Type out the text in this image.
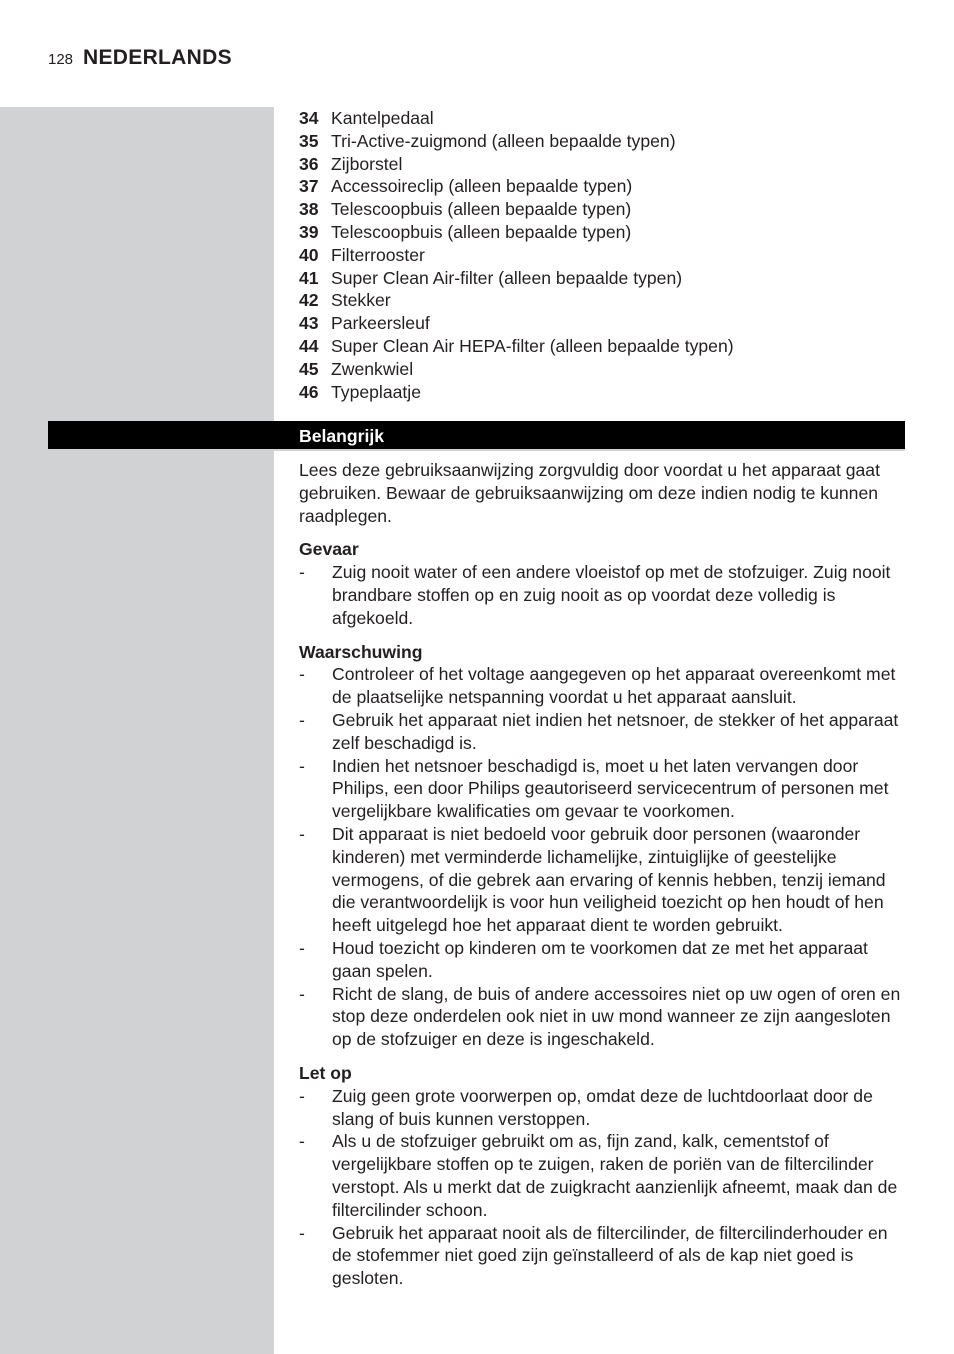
128 NEDERLANDS
34 Kantelpedaal
35 Tri-Active-zuigmond (alleen bepaalde typen)
36 Zijborstel
37 Accessoireclip (alleen bepaalde typen)
38 Telescoopbuis (alleen bepaalde typen)
39 Telescoopbuis (alleen bepaalde typen)
40 Filterrooster
41 Super Clean Air-filter (alleen bepaalde typen)
42 Stekker
43 Parkeersleuf
44 Super Clean Air HEPA-filter (alleen bepaalde typen)
45 Zwenkwiel
46 Typeplaatje
Belangrijk

Lees deze gebruiksaanwijzing zorgvuldig door voordat u het apparaat gaat gebruiken. Bewaar de gebruiksaanwijzing om deze indien nodig te kunnen raadplegen.

Gevaar
- Zuig nooit water of een andere vloeistof op met de stofzuiger. Zuig nooit brandbare stoffen op en zuig nooit as op voordat deze volledig is afgekoeld.
Waarschuwing
- Controleer of het voltage aangegeven op het apparaat overeenkomt met de plaatselijke netspanning voordat u het apparaat aansluit.
- Gebruik het apparaat niet indien het netsnoer, de stekker of het apparaat zelf beschadigd is.
- Indien het netsnoer beschadigd is, moet u het laten vervangen door Philips, een door Philips geautoriseerd servicecentrum of personen met vergelijkbare kwalificaties om gevaar te voorkomen.
- Dit apparaat is niet bedoeld voor gebruik door personen (waaronder kinderen) met verminderde lichamelijke, zintuiglijke of geestelijke vermogens, of die gebrek aan ervaring of kennis hebben, tenzij iemand die verantwoordelijk is voor hun veiligheid toezicht op hen houdt of hen heeft uitgelegd hoe het apparaat dient te worden gebruikt.
- Houd toezicht op kinderen om te voorkomen dat ze met het apparaat gaan spelen.
- Richt de slang, de buis of andere accessoires niet op uw ogen of oren en stop deze onderdelen ook niet in uw mond wanneer ze zijn aangesloten op de stofzuiger en deze is ingeschakeld.
Let op
- Zuig geen grote voorwerpen op, omdat deze de luchtdoorlaat door de slang of buis kunnen verstoppen.
- Als u de stofzuiger gebruikt om as, fijn zand, kalk, cementstof of vergelijkbare stoffen op te zuigen, raken de poriën van de filtercilinder verstopt. Als u merkt dat de zuigkracht aanzienlijk afneemt, maak dan de filtercilinder schoon.
- Gebruik het apparaat nooit als de filtercilinder, de filtercilinderhouder en de stofemmer niet goed zijn geïnstalleerd of als de kap niet goed is gesloten.
